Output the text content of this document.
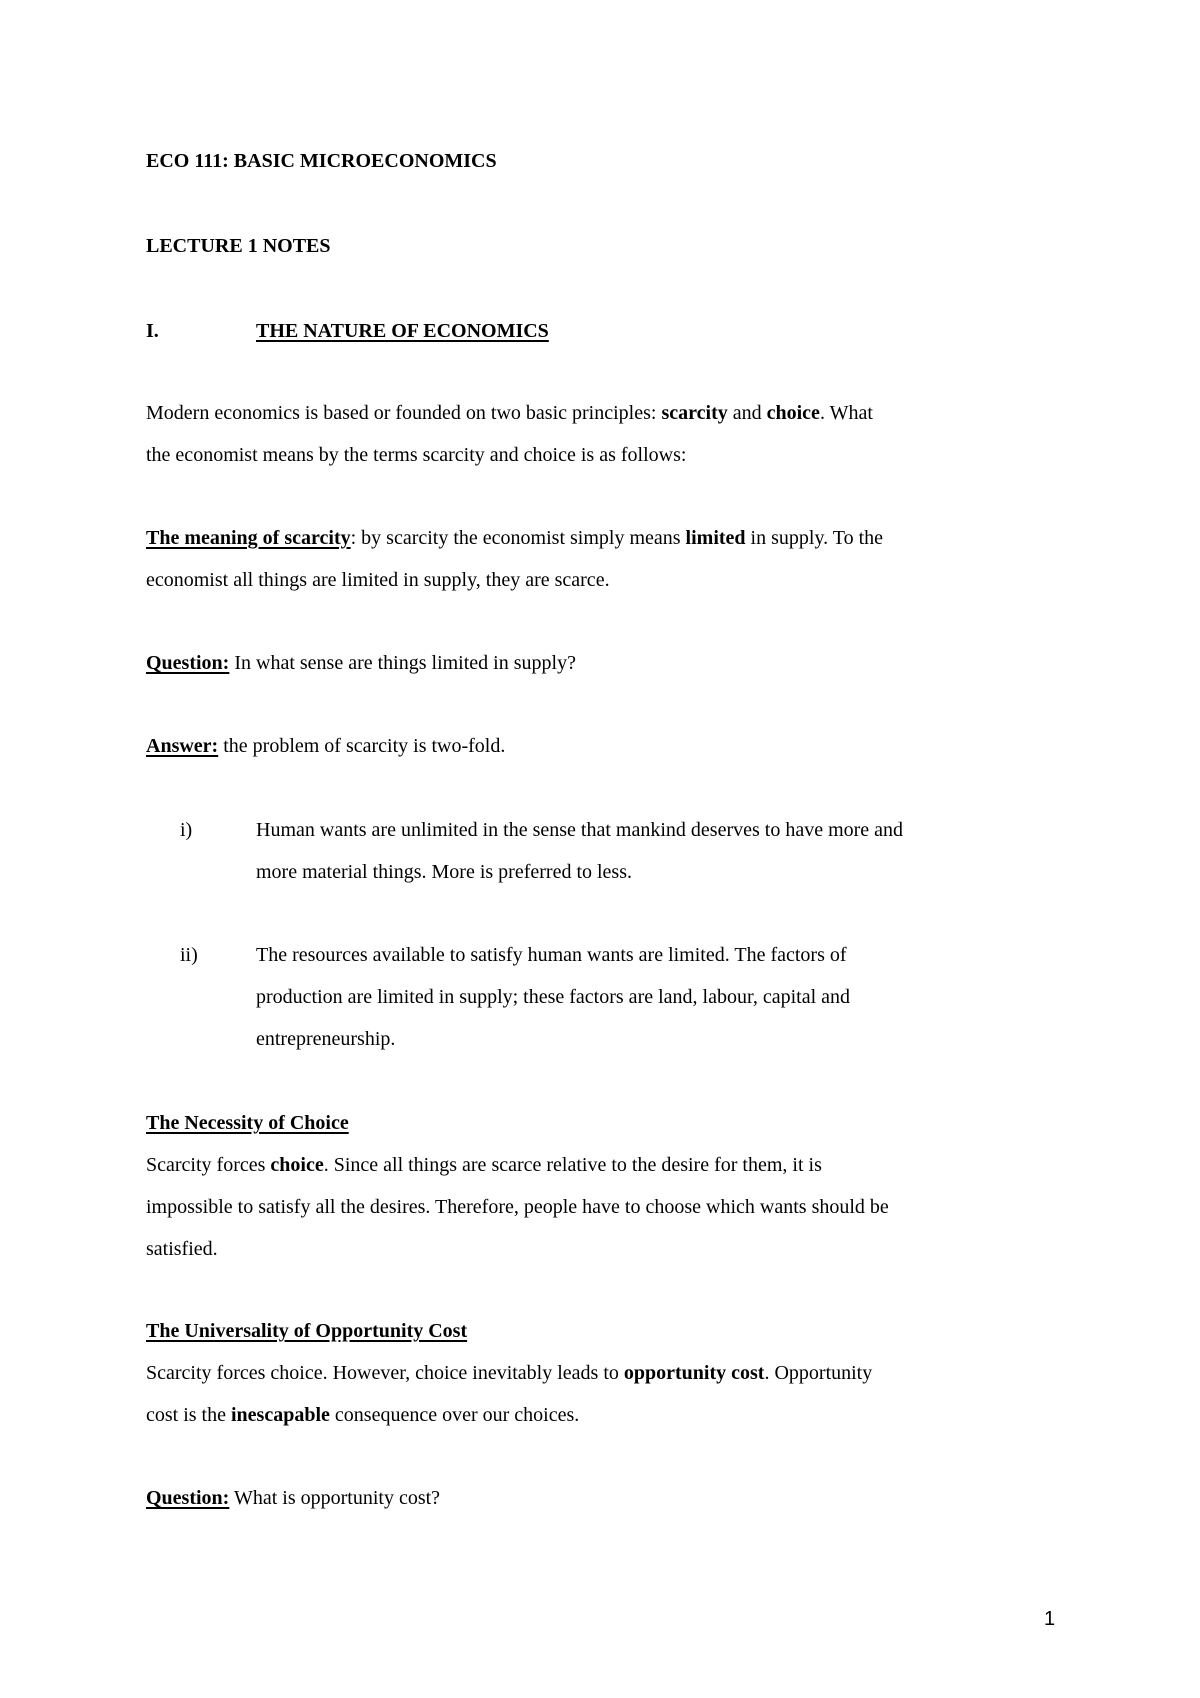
ECO 111: BASIC MICROECONOMICS
LECTURE 1 NOTES
I.	THE NATURE OF ECONOMICS
Modern economics is based or founded on two basic principles: scarcity and choice. What
the economist means by the terms scarcity and choice is as follows:
The meaning of scarcity: by scarcity the economist simply means limited in supply. To the
economist all things are limited in supply, they are scarce.
Question: In what sense are things limited in supply?
Answer: the problem of scarcity is two-fold.
i)	Human wants are unlimited in the sense that mankind deserves to have more and
more material things. More is preferred to less.
ii)	The resources available to satisfy human wants are limited. The factors of
production are limited in supply; these factors are land, labour, capital and
entrepreneurship.
The Necessity of Choice
Scarcity forces choice. Since all things are scarce relative to the desire for them, it is
impossible to satisfy all the desires. Therefore, people have to choose which wants should be
satisfied.
The Universality of Opportunity Cost
Scarcity forces choice. However, choice inevitably leads to opportunity cost. Opportunity
cost is the inescapable consequence over our choices.
Question: What is opportunity cost?
1
